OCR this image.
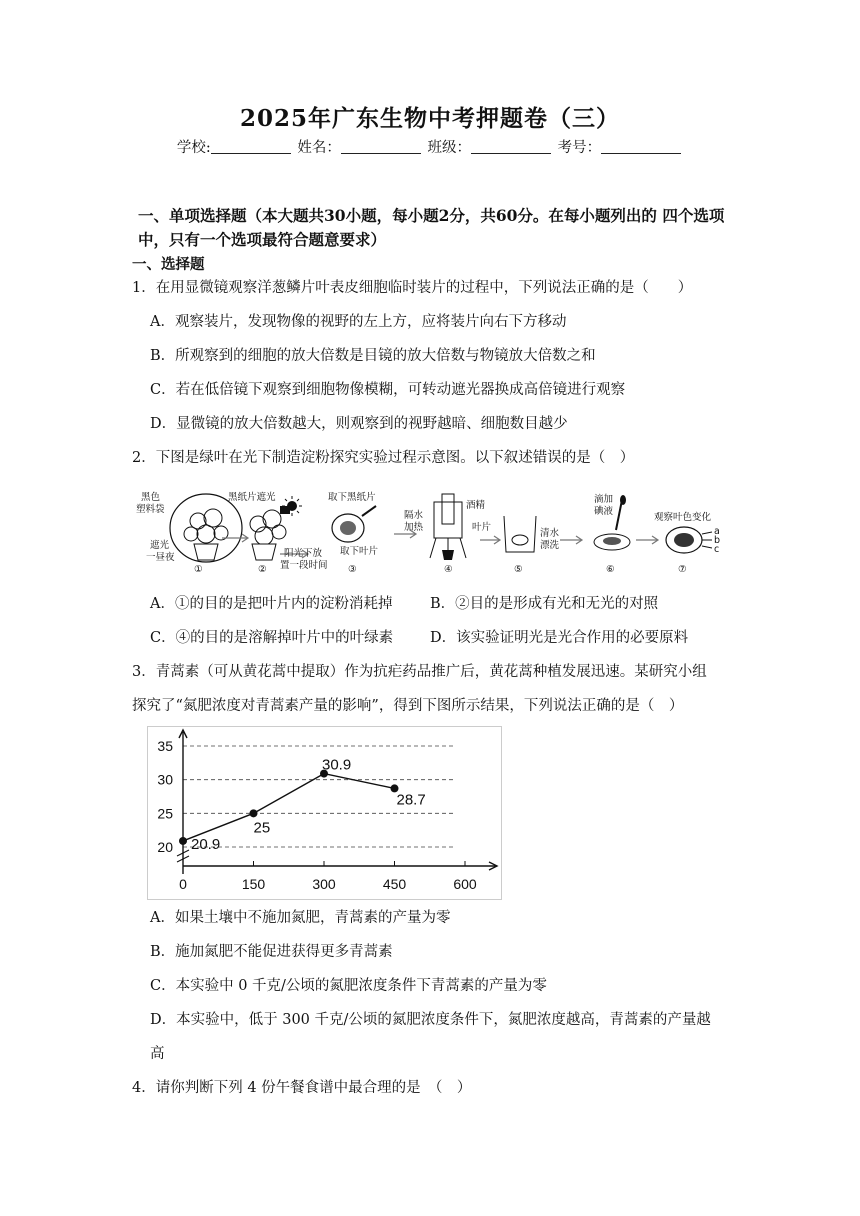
2025年广东生物中考押题卷（三）
学校:	姓名：	班级：	考号：
一、单项选择题（本大题共30小题，每小题2分，共60分。在每小题列出的 四个选项中，只有一个选项最符合题意要求）
一、选择题
1．在用显微镜观察洋葱鳞片叶表皮细胞临时装片的过程中，下列说法正确的是（　　）
A．观察装片，发现物像的视野的左上方，应将装片向右下方移动
B．所观察到的细胞的放大倍数是目镜的放大倍数与物镜放大倍数之和
C．若在低倍镜下观察到细胞物像模糊，可转动遮光器换成高倍镜进行观察
D．显微镜的放大倍数越大，则观察到的视野越暗、细胞数目越少
2．下图是绿叶在光下制造淀粉探究实验过程示意图。以下叙述错误的是（　）
黑色
塑料袋
遮光
一昼夜
①
黑纸片遮光
②
阳光下放
置一段时间
取下黑纸片
取下叶片
③
隔水
加热
酒精
叶片
④
清水
漂洗
⑤
滴加
碘液
⑥
观察叶色变化
a
b
c
⑦
A．①的目的是把叶片内的淀粉消耗掉	B．②目的是形成有光和无光的对照
C．④的目的是溶解掉叶片中的叶绿素	D．该实验证明光是光合作用的必要原料
3．青蒿素（可从黄花蒿中提取）作为抗疟药品推广后，黄花蒿种植发展迅速。某研究小组
探究了“氮肥浓度对青蒿素产量的影响”，得到下图所示结果，下列说法正确的是（　）
20
25
30
35
0	150	300	450	600
20.9
25
30.9
28.7
A．如果土壤中不施加氮肥，青蒿素的产量为零
B．施加氮肥不能促进获得更多青蒿素
C．本实验中 0 千克/公顷的氮肥浓度条件下青蒿素的产量为零
D．本实验中，低于 300 千克/公顷的氮肥浓度条件下，氮肥浓度越高，青蒿素的产量越
高
4．请你判断下列 4 份午餐食谱中最合理的是　（　）
